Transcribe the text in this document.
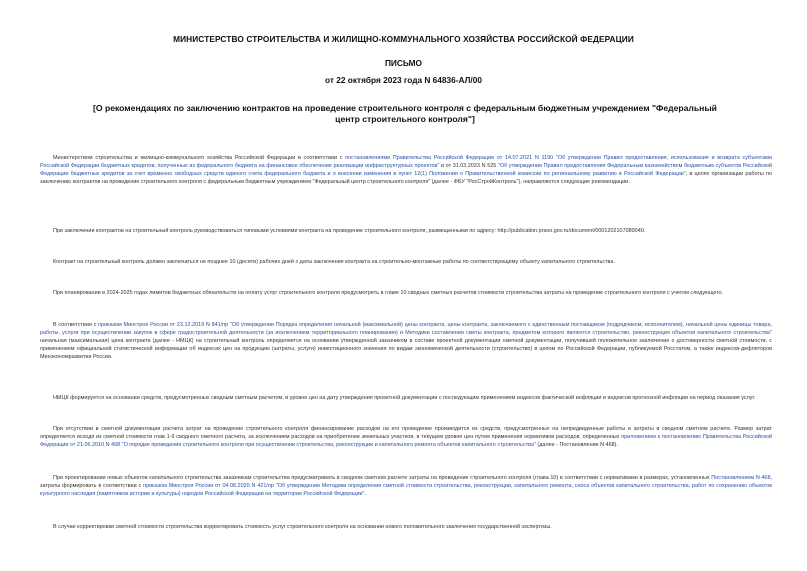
МИНИСТЕРСТВО СТРОИТЕЛЬСТВА И ЖИЛИЩНО-КОММУНАЛЬНОГО ХОЗЯЙСТВА РОССИЙСКОЙ ФЕДЕРАЦИИ
ПИСЬМО
от 22 октября 2023 года N 64836-АЛ/00
[О рекомендациях по заключению контрактов на проведение строительного контроля с федеральным бюджетным учреждением "Федеральный центр строительного контроля"]
Министерством строительства и жилищно-коммунального хозяйства Российской Федерации в соответствии с постановлениями Правительства Российской Федерации от 14.07.2021 N 1190 "Об утверждении Правил предоставления, использования и возврата субъектами Российской Федерации бюджетных кредитов, полученных из федерального бюджета на финансовое обеспечение реализации инфраструктурных проектов" и от 31.03.2023 N 525 "Об утверждении Правил предоставления Федеральным казначейством бюджетным субъектов Российской Федерации бюджетных кредитов за счет временно свободных средств единого счета федерального бюджета и о внесении изменения в пункт 12(1) Положения о Правительственной комиссии по региональному развитию в Российской Федерации", в целях организации работы по заключению контрактов на проведение строительного контроля с федеральным бюджетным учреждением "Федеральный центр строительного контроля" (далее - ФБУ "РосСтройКонтроль"), направляются следующие рекомендации.
При заключении контрактов на строительный контроль руководствоваться типовыми условиями контракта на проведение строительного контроля, размещенными по адресу: http://publication.pravo.gov.ru/document/0001202107080040.
Контракт на строительный контроль должен заключаться не позднее 10 (десяти) рабочих дней с даты заключения контракта на строительно-монтажные работы по соответствующему объекту капитального строительства.
При планировании в 2024-2025 годах лимитов бюджетных обязательств на оплату услуг строительного контроля предусмотреть в главе 10 сводных сметных расчетов стоимости строительства затраты на проведение строительного контроля с учетом следующего.
В соответствии с приказом Минстроя России от 23.12.2019 N 841/пр "Об утверждении Порядка определения начальной (максимальной) цены контракта, цены контракта, заключаемого с единственным поставщиком (подрядчиком, исполнителем), начальной цены единицы товара, работы, услуги при осуществлении закупок в сфере градостроительной деятельности (за исключением территориального планирования) и Методики составления сметы контракта, предметом которого являются строительство, реконструкция объектов капитального строительства" начальная (максимальная) цена контракта (далее - НМЦК) на строительный контроль определяется на основании утвержденной заказчиком в составе проектной документации сметной документации, получившей положительное заключение о достоверности сметной стоимости, с применением официальной статистической информации об индексах цен на продукцию (затраты, услуги) инвестиционного значения по видам экономической деятельности (строительство) в целом по Российской Федерации, публикуемой Росстатом, а также индексов-дефляторов Минэкономразвития России.
НМЦК формируется на основании средств, предусмотренных сводным сметным расчетом, в уровне цен на дату утверждения проектной документации с последующим применением индексов фактической инфляции и индексов прогнозной инфляции на период оказания услуг.
При отсутствии в сметной документации расчета затрат на проведение строительного контроля финансирование расходов на его проведение производится из средств, предусмотренных на непредвиденные работы и затраты в сводном сметном расчете. Размер затрат определяется исходя из сметной стоимости глав 1-9 сводного сметного расчета, за исключением расходов на приобретение земельных участков, в текущем уровне цен путем применения нормативов расходов, определенных приложением к постановлению Правительства Российской Федерации от 21.06.2010 N 468 "О порядке проведения строительного контроля при осуществлении строительства, реконструкции и капитального ремонта объектов капитального строительства" (далее - Постановление N 468).
При проектировании новых объектов капитального строительства заказчикам строительства предусматривать в сводном сметном расчете затраты на проведение строительного контроля (глава 10) в соответствии с нормативами в размерах, установленных Постановлением N 468, затраты формировать в соответствии с приказом Минстроя России от 04.08.2020 N 421/пр "Об утверждении Методики определения сметной стоимости строительства, реконструкции, капитального ремонта, сноса объектов капитального строительства, работ по сохранению объектов культурного наследия (памятников истории и культуры) народов Российской Федерации на территории Российской Федерации".
В случае корректировки сметной стоимости строительства корректировать стоимость услуг строительного контроля на основании нового положительного заключения государственной экспертизы.
